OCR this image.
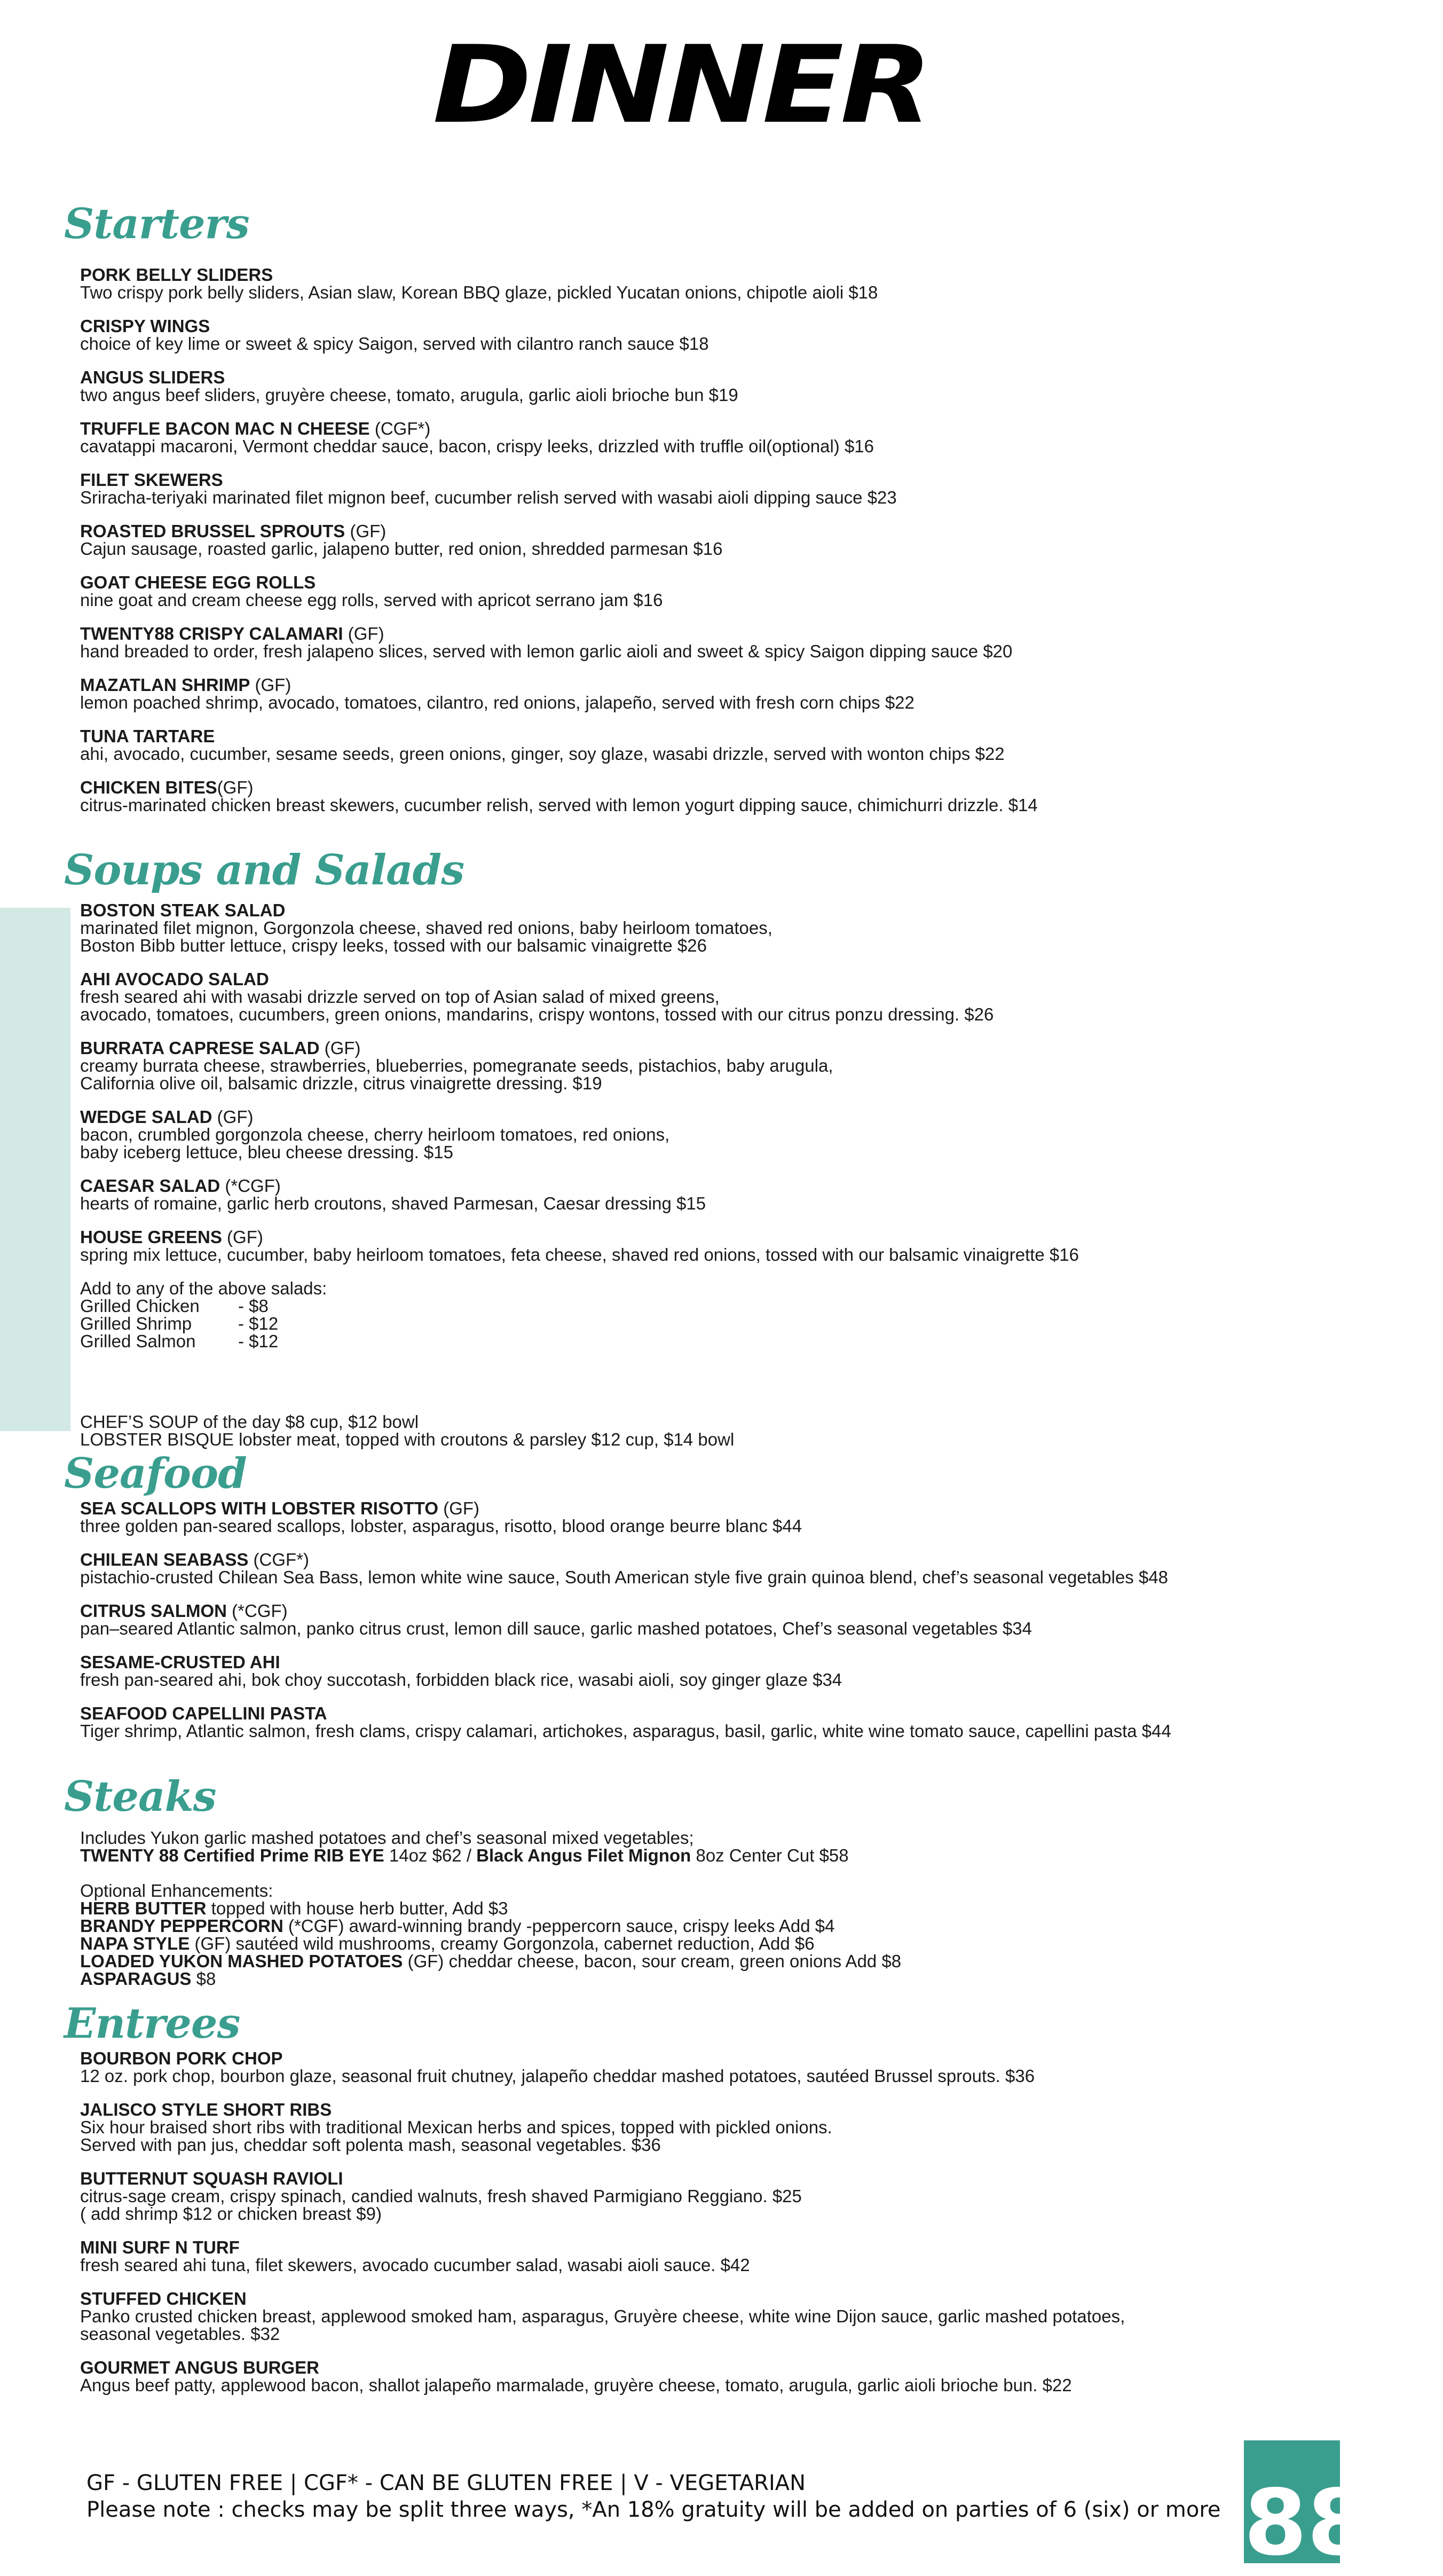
DINNER
Starters
PORK BELLY SLIDERS
Two crispy pork belly sliders, Asian slaw, Korean BBQ glaze, pickled Yucatan onions, chipotle aioli $18
CRISPY WINGS
choice of key lime or sweet & spicy Saigon, served with cilantro ranch sauce $18
ANGUS SLIDERS
two angus beef sliders, gruyère cheese, tomato, arugula, garlic aioli brioche bun $19
TRUFFLE BACON MAC N CHEESE (CGF*)
cavatappi macaroni, Vermont cheddar sauce, bacon, crispy leeks, drizzled with truffle oil(optional) $16
FILET SKEWERS
Sriracha-teriyaki marinated filet mignon beef, cucumber relish served with wasabi aioli dipping sauce $23
ROASTED BRUSSEL SPROUTS (GF)
Cajun sausage, roasted garlic, jalapeno butter, red onion, shredded parmesan $16
GOAT CHEESE EGG ROLLS
nine goat and cream cheese egg rolls, served with apricot serrano jam $16
TWENTY88 CRISPY CALAMARI (GF)
hand breaded to order, fresh jalapeno slices, served with lemon garlic aioli and sweet & spicy Saigon dipping sauce $20
MAZATLAN SHRIMP (GF)
lemon poached shrimp, avocado, tomatoes, cilantro, red onions, jalapeño, served with fresh corn chips $22
TUNA TARTARE
ahi, avocado, cucumber, sesame seeds, green onions, ginger, soy glaze, wasabi drizzle, served with wonton chips $22
CHICKEN BITES(GF)
citrus-marinated chicken breast skewers, cucumber relish, served with lemon yogurt dipping sauce, chimichurri drizzle. $14
Soups and Salads
BOSTON STEAK SALAD
marinated filet mignon, Gorgonzola cheese, shaved red onions, baby heirloom tomatoes,
Boston Bibb butter lettuce, crispy leeks, tossed with our balsamic vinaigrette $26
AHI AVOCADO SALAD
fresh seared ahi with wasabi drizzle served on top of Asian salad of mixed greens,
avocado, tomatoes, cucumbers, green onions, mandarins, crispy wontons, tossed with our citrus ponzu dressing. $26
BURRATA CAPRESE SALAD (GF)
creamy burrata cheese, strawberries, blueberries, pomegranate seeds, pistachios, baby arugula,
California olive oil, balsamic drizzle, citrus vinaigrette dressing. $19
WEDGE SALAD (GF)
bacon, crumbled gorgonzola cheese, cherry heirloom tomatoes, red onions,
baby iceberg lettuce, bleu cheese dressing. $15
CAESAR SALAD (*CGF)
hearts of romaine, garlic herb croutons, shaved Parmesan, Caesar dressing $15
HOUSE GREENS (GF)
spring mix lettuce, cucumber, baby heirloom tomatoes, feta cheese, shaved red onions, tossed with our balsamic vinaigrette $16
Add to any of the above salads:
Grilled Chicken - $8
Grilled Shrimp	- $12
Grilled Salmon - $12
CHEF’S SOUP of the day $8 cup, $12 bowl
LOBSTER BISQUE lobster meat, topped with croutons & parsley $12 cup, $14 bowl
Seafood
SEA SCALLOPS WITH LOBSTER RISOTTO (GF)
three golden pan-seared scallops, lobster, asparagus, risotto, blood orange beurre blanc $44
CHILEAN SEABASS (CGF*)
pistachio-crusted Chilean Sea Bass, lemon white wine sauce, South American style five grain quinoa blend, chef’s seasonal vegetables $48
CITRUS SALMON (*CGF)
pan–seared Atlantic salmon, panko citrus crust, lemon dill sauce, garlic mashed potatoes, Chef’s seasonal vegetables $34
SESAME-CRUSTED AHI
fresh pan-seared ahi, bok choy succotash, forbidden black rice, wasabi aioli, soy ginger glaze $34
SEAFOOD CAPELLINI PASTA
Tiger shrimp, Atlantic salmon, fresh clams, crispy calamari, artichokes, asparagus, basil, garlic, white wine tomato sauce, capellini pasta $44
Steaks
Includes Yukon garlic mashed potatoes and chef’s seasonal mixed vegetables;
TWENTY 88 Certified Prime RIB EYE 14oz $62 / Black Angus Filet Mignon 8oz Center Cut $58
Optional Enhancements:
HERB BUTTER topped with house herb butter, Add $3
BRANDY PEPPERCORN (*CGF) award-winning brandy -peppercorn sauce, crispy leeks Add $4
NAPA STYLE (GF) sautéed wild mushrooms, creamy Gorgonzola, cabernet reduction, Add $6
LOADED YUKON MASHED POTATOES (GF) cheddar cheese, bacon, sour cream, green onions Add $8
ASPARAGUS $8
Entrees
BOURBON PORK CHOP
12 oz. pork chop, bourbon glaze, seasonal fruit chutney, jalapeño cheddar mashed potatoes, sautéed Brussel sprouts. $36
JALISCO STYLE SHORT RIBS
Six hour braised short ribs with traditional Mexican herbs and spices, topped with pickled onions.
Served with pan jus, cheddar soft polenta mash, seasonal vegetables. $36
BUTTERNUT SQUASH RAVIOLI
citrus-sage cream, crispy spinach, candied walnuts, fresh shaved Parmigiano Reggiano. $25
( add shrimp $12 or chicken breast $9)
MINI SURF N TURF
fresh seared ahi tuna, filet skewers, avocado cucumber salad, wasabi aioli sauce. $42
STUFFED CHICKEN
Panko crusted chicken breast, applewood smoked ham, asparagus, Gruyère cheese, white wine Dijon sauce, garlic mashed potatoes,
seasonal vegetables. $32
GOURMET ANGUS BURGER
Angus beef patty, applewood bacon, shallot jalapeño marmalade, gruyère cheese, tomato, arugula, garlic aioli brioche bun. $22
GF - GLUTEN FREE | CGF* - CAN BE GLUTEN FREE | V - VEGETARIAN
Please note : checks may be split three ways, *An 18% gratuity will be added on parties of 6 (six) or more 88
